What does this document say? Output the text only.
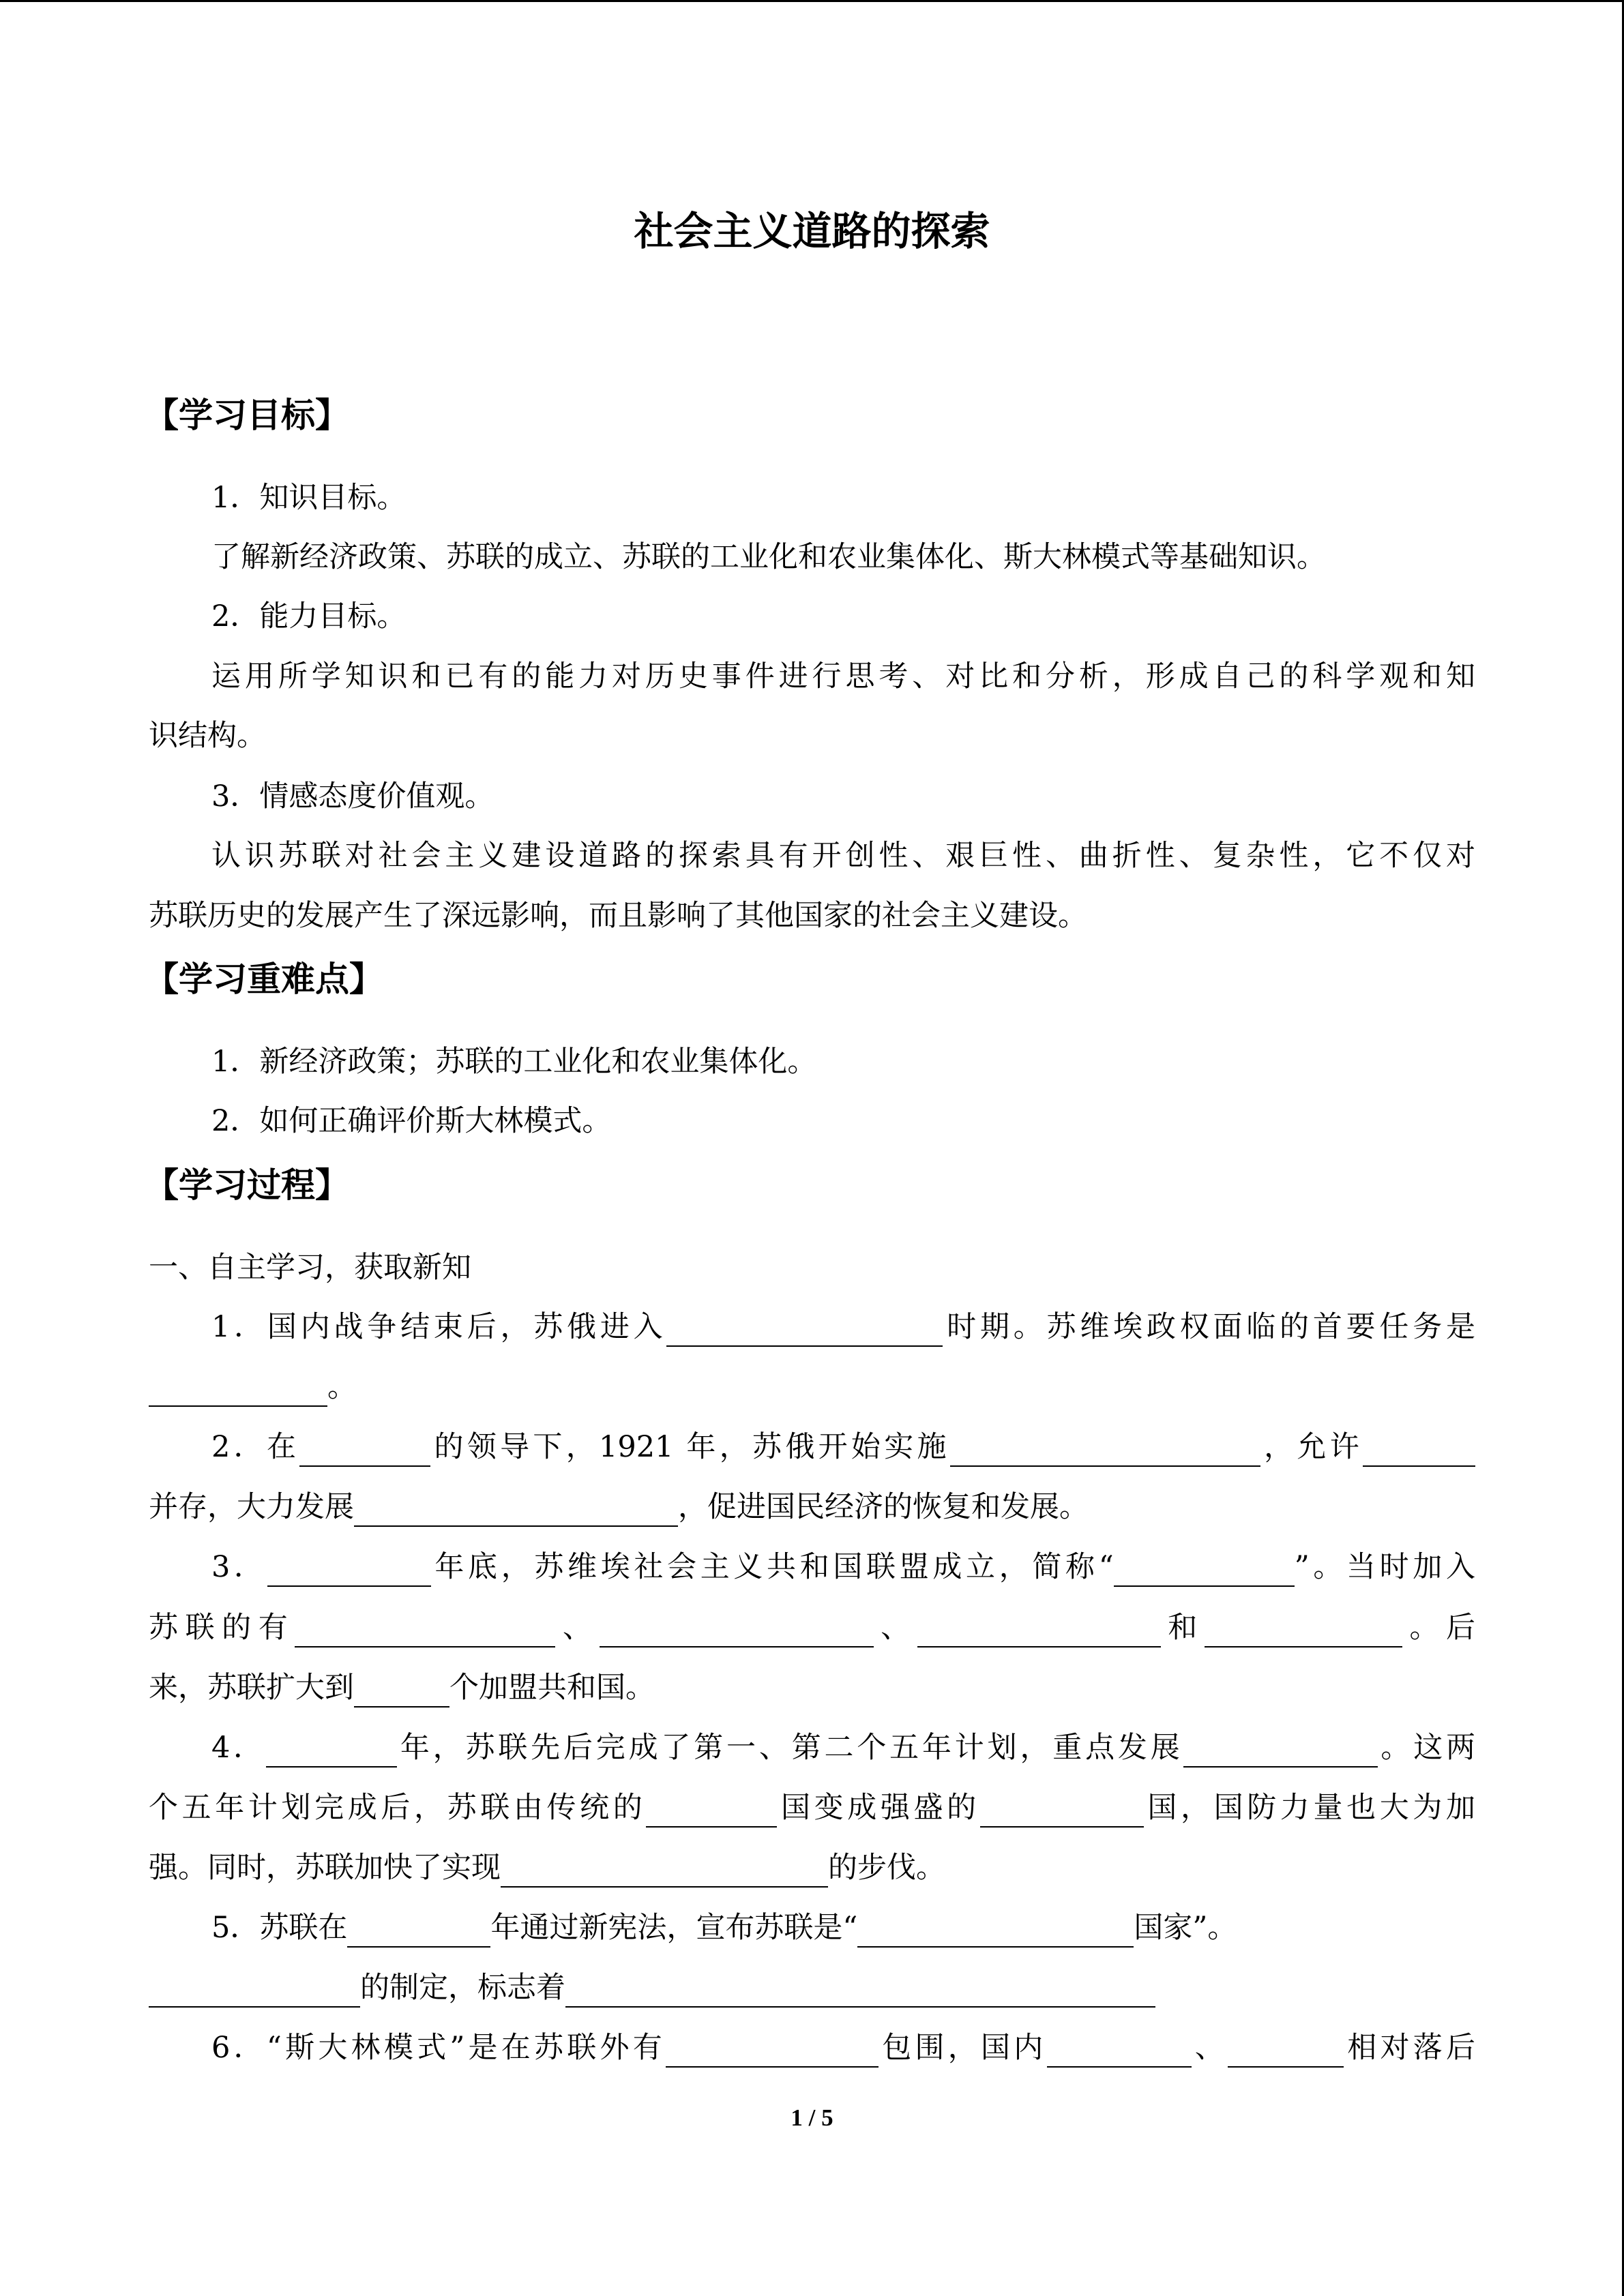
社会主义道路的探索
【学习目标】
1．知识目标。
了解新经济政策、苏联的成立、苏联的工业化和农业集体化、斯大林模式等基础知识。
2．能力目标。
运用所学知识和已有的能力对历史事件进行思考、对比和分析，形成自己的科学观和知
识结构。
3．情感态度价值观。
认识苏联对社会主义建设道路的探索具有开创性、艰巨性、曲折性、复杂性，它不仅对
苏联历史的发展产生了深远影响，而且影响了其他国家的社会主义建设。
【学习重难点】
1．新经济政策；苏联的工业化和农业集体化。
2．如何正确评价斯大林模式。
【学习过程】
一、自主学习，获取新知
1．国内战争结束后，苏俄进入	时期。苏维埃政权面临的首要任务是
。
2．在	的领导下，1921 年，苏俄开始实施	，允许
并存，大力发展	，促进国民经济的恢复和发展。
3．	年底，苏维埃社会主义共和国联盟成立，简称“	”。当时加入
苏联的有	、	、	和	。后
来，苏联扩大到	个加盟共和国。
4．	年，苏联先后完成了第一、第二个五年计划，重点发展	。这两
个五年计划完成后，苏联由传统的	国变成强盛的	国，国防力量也大为加
强。同时，苏联加快了实现	的步伐。
5．苏联在	年通过新宪法，宣布苏联是“	国家”。
的制定，标志着
6．“斯大林模式”是在苏联外有	包围，国内	、	相对落后
1 / 5
